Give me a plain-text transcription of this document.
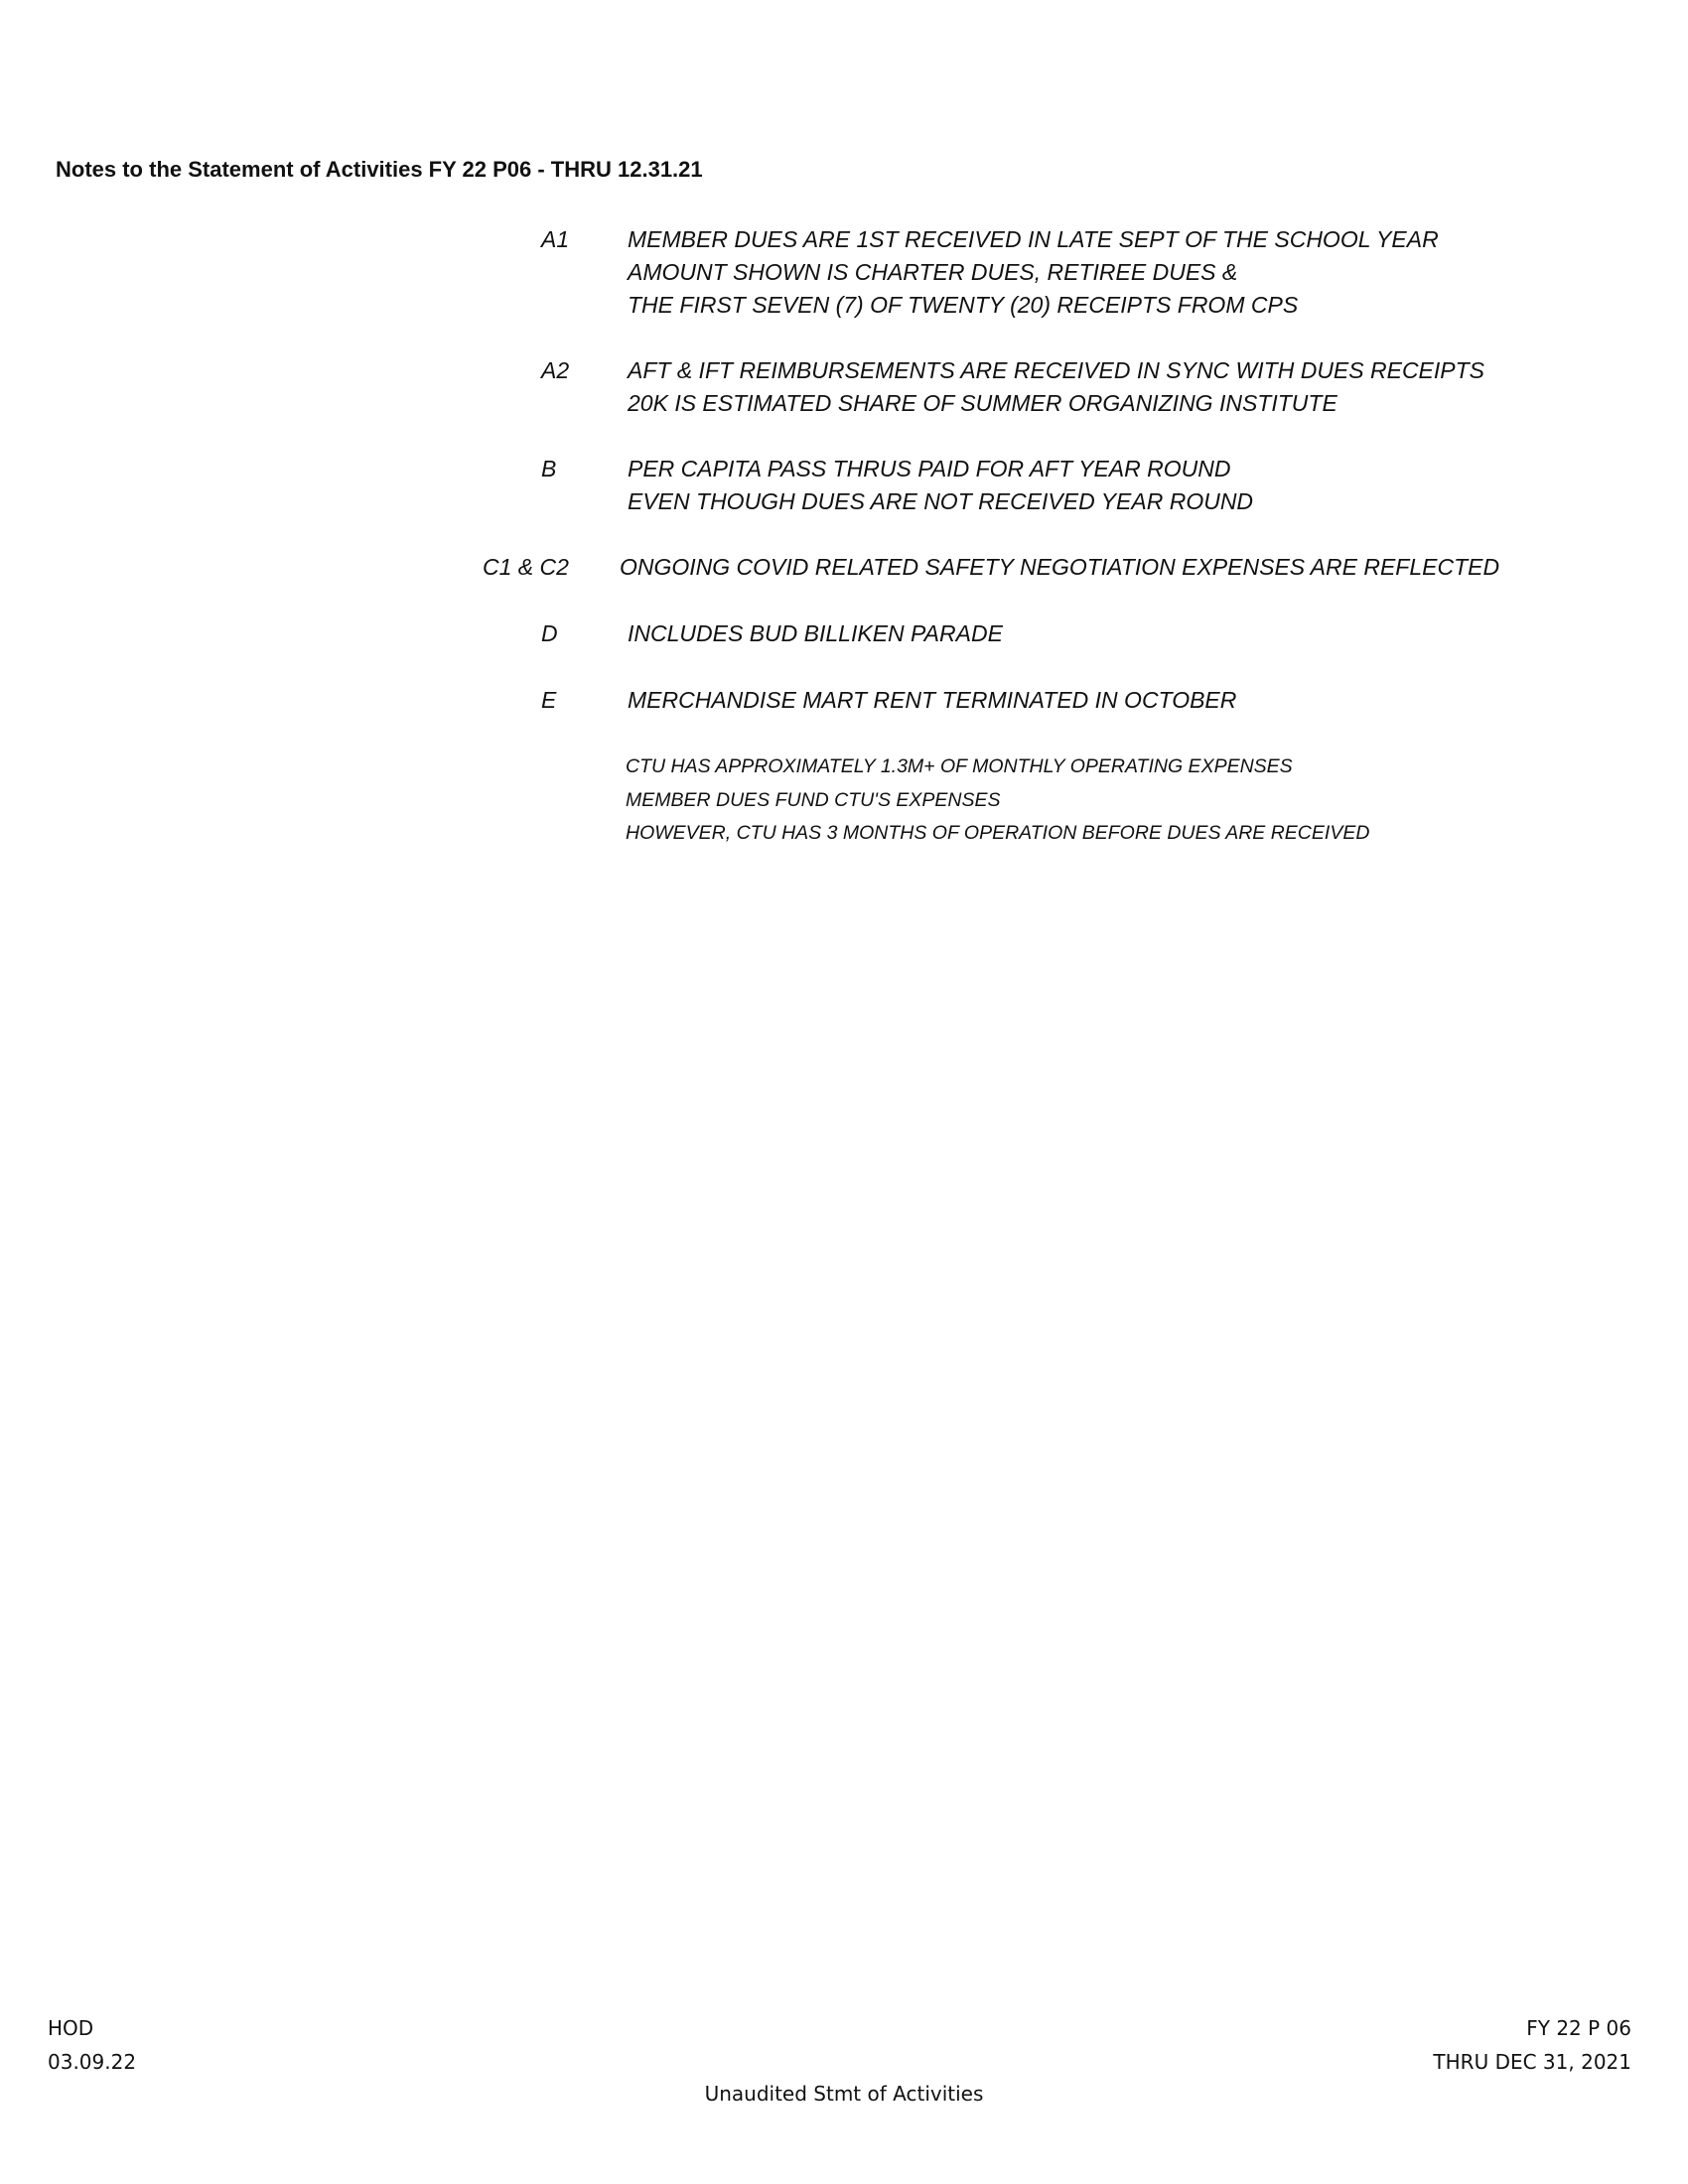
Notes to the Statement of Activities FY 22 P06 - THRU 12.31.21
A1	MEMBER DUES ARE 1ST RECEIVED IN LATE SEPT OF THE SCHOOL YEAR
AMOUNT SHOWN IS CHARTER DUES, RETIREE DUES &
THE FIRST SEVEN (7) OF TWENTY (20) RECEIPTS FROM CPS
A2	AFT & IFT REIMBURSEMENTS ARE RECEIVED IN SYNC WITH DUES RECEIPTS
20K IS ESTIMATED SHARE OF SUMMER ORGANIZING INSTITUTE
B	PER CAPITA PASS THRUS PAID FOR AFT YEAR ROUND
EVEN THOUGH DUES ARE NOT RECEIVED YEAR ROUND
C1 & C2 ONGOING COVID RELATED SAFETY NEGOTIATION EXPENSES ARE REFLECTED
D	INCLUDES BUD BILLIKEN PARADE
E	MERCHANDISE MART RENT TERMINATED IN OCTOBER
CTU HAS APPROXIMATELY 1.3M+ OF MONTHLY OPERATING EXPENSES
MEMBER DUES FUND CTU'S EXPENSES
HOWEVER, CTU HAS 3 MONTHS OF OPERATION BEFORE DUES ARE RECEIVED
HOD
03.09.22
Unaudited Stmt of Activities
FY 22 P 06
THRU DEC 31, 2021
